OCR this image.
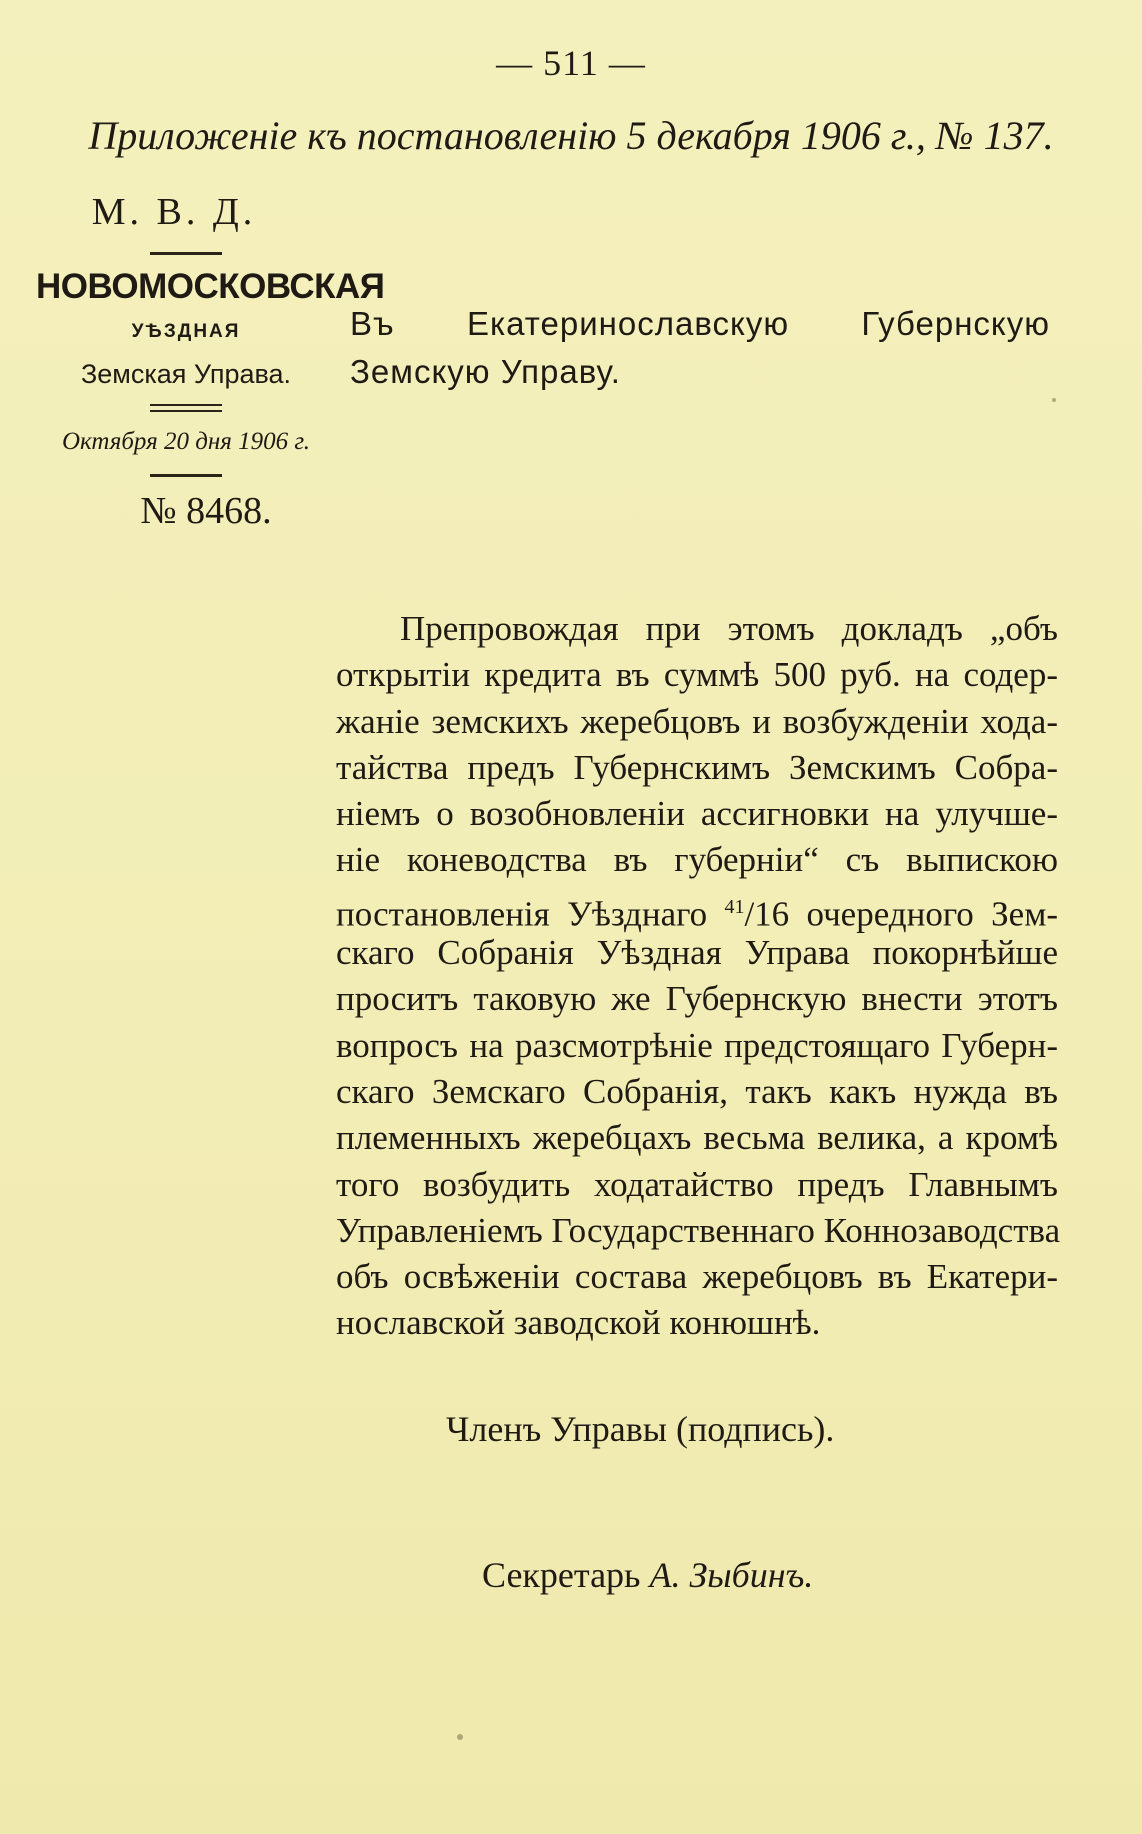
— 511 —
Приложеніе къ постановленію 5 декабря 1906 г., № 137.
М. В. Д.
НОВОМОСКОВСКАЯ
УѢЗДНАЯ
Земская Управа.
Октября 20 дня 1906 г.
№ 8468.
Въ Екатеринославскую Губернскую
Земскую Управу.
Препровождая при этомъ докладъ „объ
открытіи кредита въ суммѣ 500 руб. на содер-
жаніе земскихъ жеребцовъ и возбужденіи хода-
тайства предъ Губернскимъ Земскимъ Собра-
ніемъ о возобновленіи ассигновки на улучше-
ніе коневодства въ губерніи“ съ выпискою
постановленія Уѣзднаго $^{41}$/16 очередного Зем-
скаго Собранія Уѣздная Управа покорнѣйше
проситъ таковую же Губернскую внести этотъ
вопросъ на разсмотрѣніе предстоящаго Губерн-
скаго Земскаго Собранія, такъ какъ нужда въ
племенныхъ жеребцахъ весьма велика, а кромѣ
того возбудить ходатайство предъ Главнымъ
Управленіемъ Государственнаго Коннозаводства
объ освѣженіи состава жеребцовъ въ Екатери-
нославской заводской конюшнѣ.
Членъ Управы (подпись).
Секретарь А. Зыбинъ.
